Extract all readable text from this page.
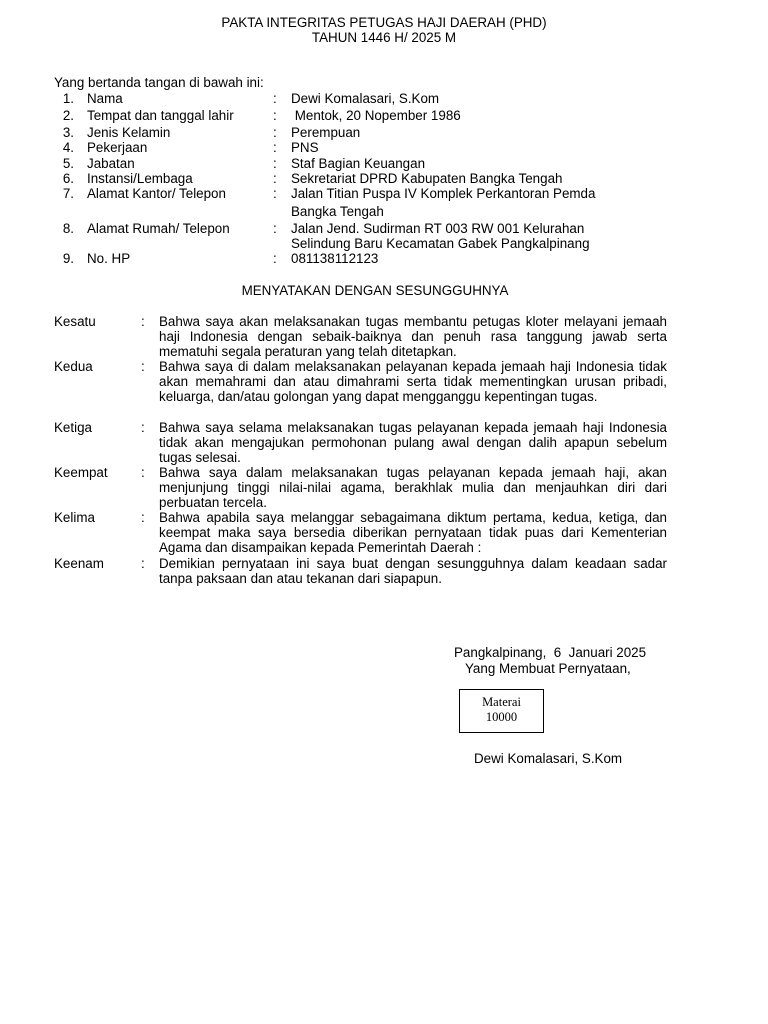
PAKTA INTEGRITAS PETUGAS HAJI DAERAH (PHD)
TAHUN 1446 H/ 2025 M
Yang bertanda tangan di bawah ini:
1. Nama	: Dewi Komalasari, S.Kom
2. Tempat dan tanggal lahir	: Mentok, 20 Nopember 1986
3. Jenis Kelamin	: Perempuan
4. Pekerjaan	: PNS
5. Jabatan	: Staf Bagian Keuangan
6. Instansi/Lembaga	: Sekretariat DPRD Kabupaten Bangka Tengah
7. Alamat Kantor/ Telepon	: Jalan Titian Puspa IV Komplek Perkantoran Pemda
Bangka Tengah
8. Alamat Rumah/ Telepon	: Jalan Jend. Sudirman RT 003 RW 001 Kelurahan
Selindung Baru Kecamatan Gabek Pangkalpinang
9. No. HP	: 081138112123
MENYATAKAN DENGAN SESUNGGUHNYA
Kesatu	: Bahwa saya akan melaksanakan tugas membantu petugas kloter melayani jemaah haji Indonesia dengan sebaik-baiknya dan penuh rasa tanggung jawab serta mematuhi segala peraturan yang telah ditetapkan.
Kedua	: Bahwa saya di dalam melaksanakan pelayanan kepada jemaah haji Indonesia tidak akan memahrami dan atau dimahrami serta tidak mementingkan urusan pribadi, keluarga, dan/atau golongan yang dapat mengganggu kepentingan tugas.
Ketiga	: Bahwa saya selama melaksanakan tugas pelayanan kepada jemaah haji Indonesia tidak akan mengajukan permohonan pulang awal dengan dalih apapun sebelum tugas selesai.
Keempat : Bahwa saya dalam melaksanakan tugas pelayanan kepada jemaah haji, akan menjunjung tinggi nilai-nilai agama, berakhlak mulia dan menjauhkan diri dari perbuatan tercela.
Kelima	: Bahwa apabila saya melanggar sebagaimana diktum pertama, kedua, ketiga, dan keempat maka saya bersedia diberikan pernyataan tidak puas dari Kementerian Agama dan disampaikan kepada Pemerintah Daerah :
Keenam	: Demikian pernyataan ini saya buat dengan sesungguhnya dalam keadaan sadar tanpa paksaan dan atau tekanan dari siapapun.
Pangkalpinang,  6  Januari 2025
Yang Membuat Pernyataan,
Materai
10000
Dewi Komalasari, S.Kom
